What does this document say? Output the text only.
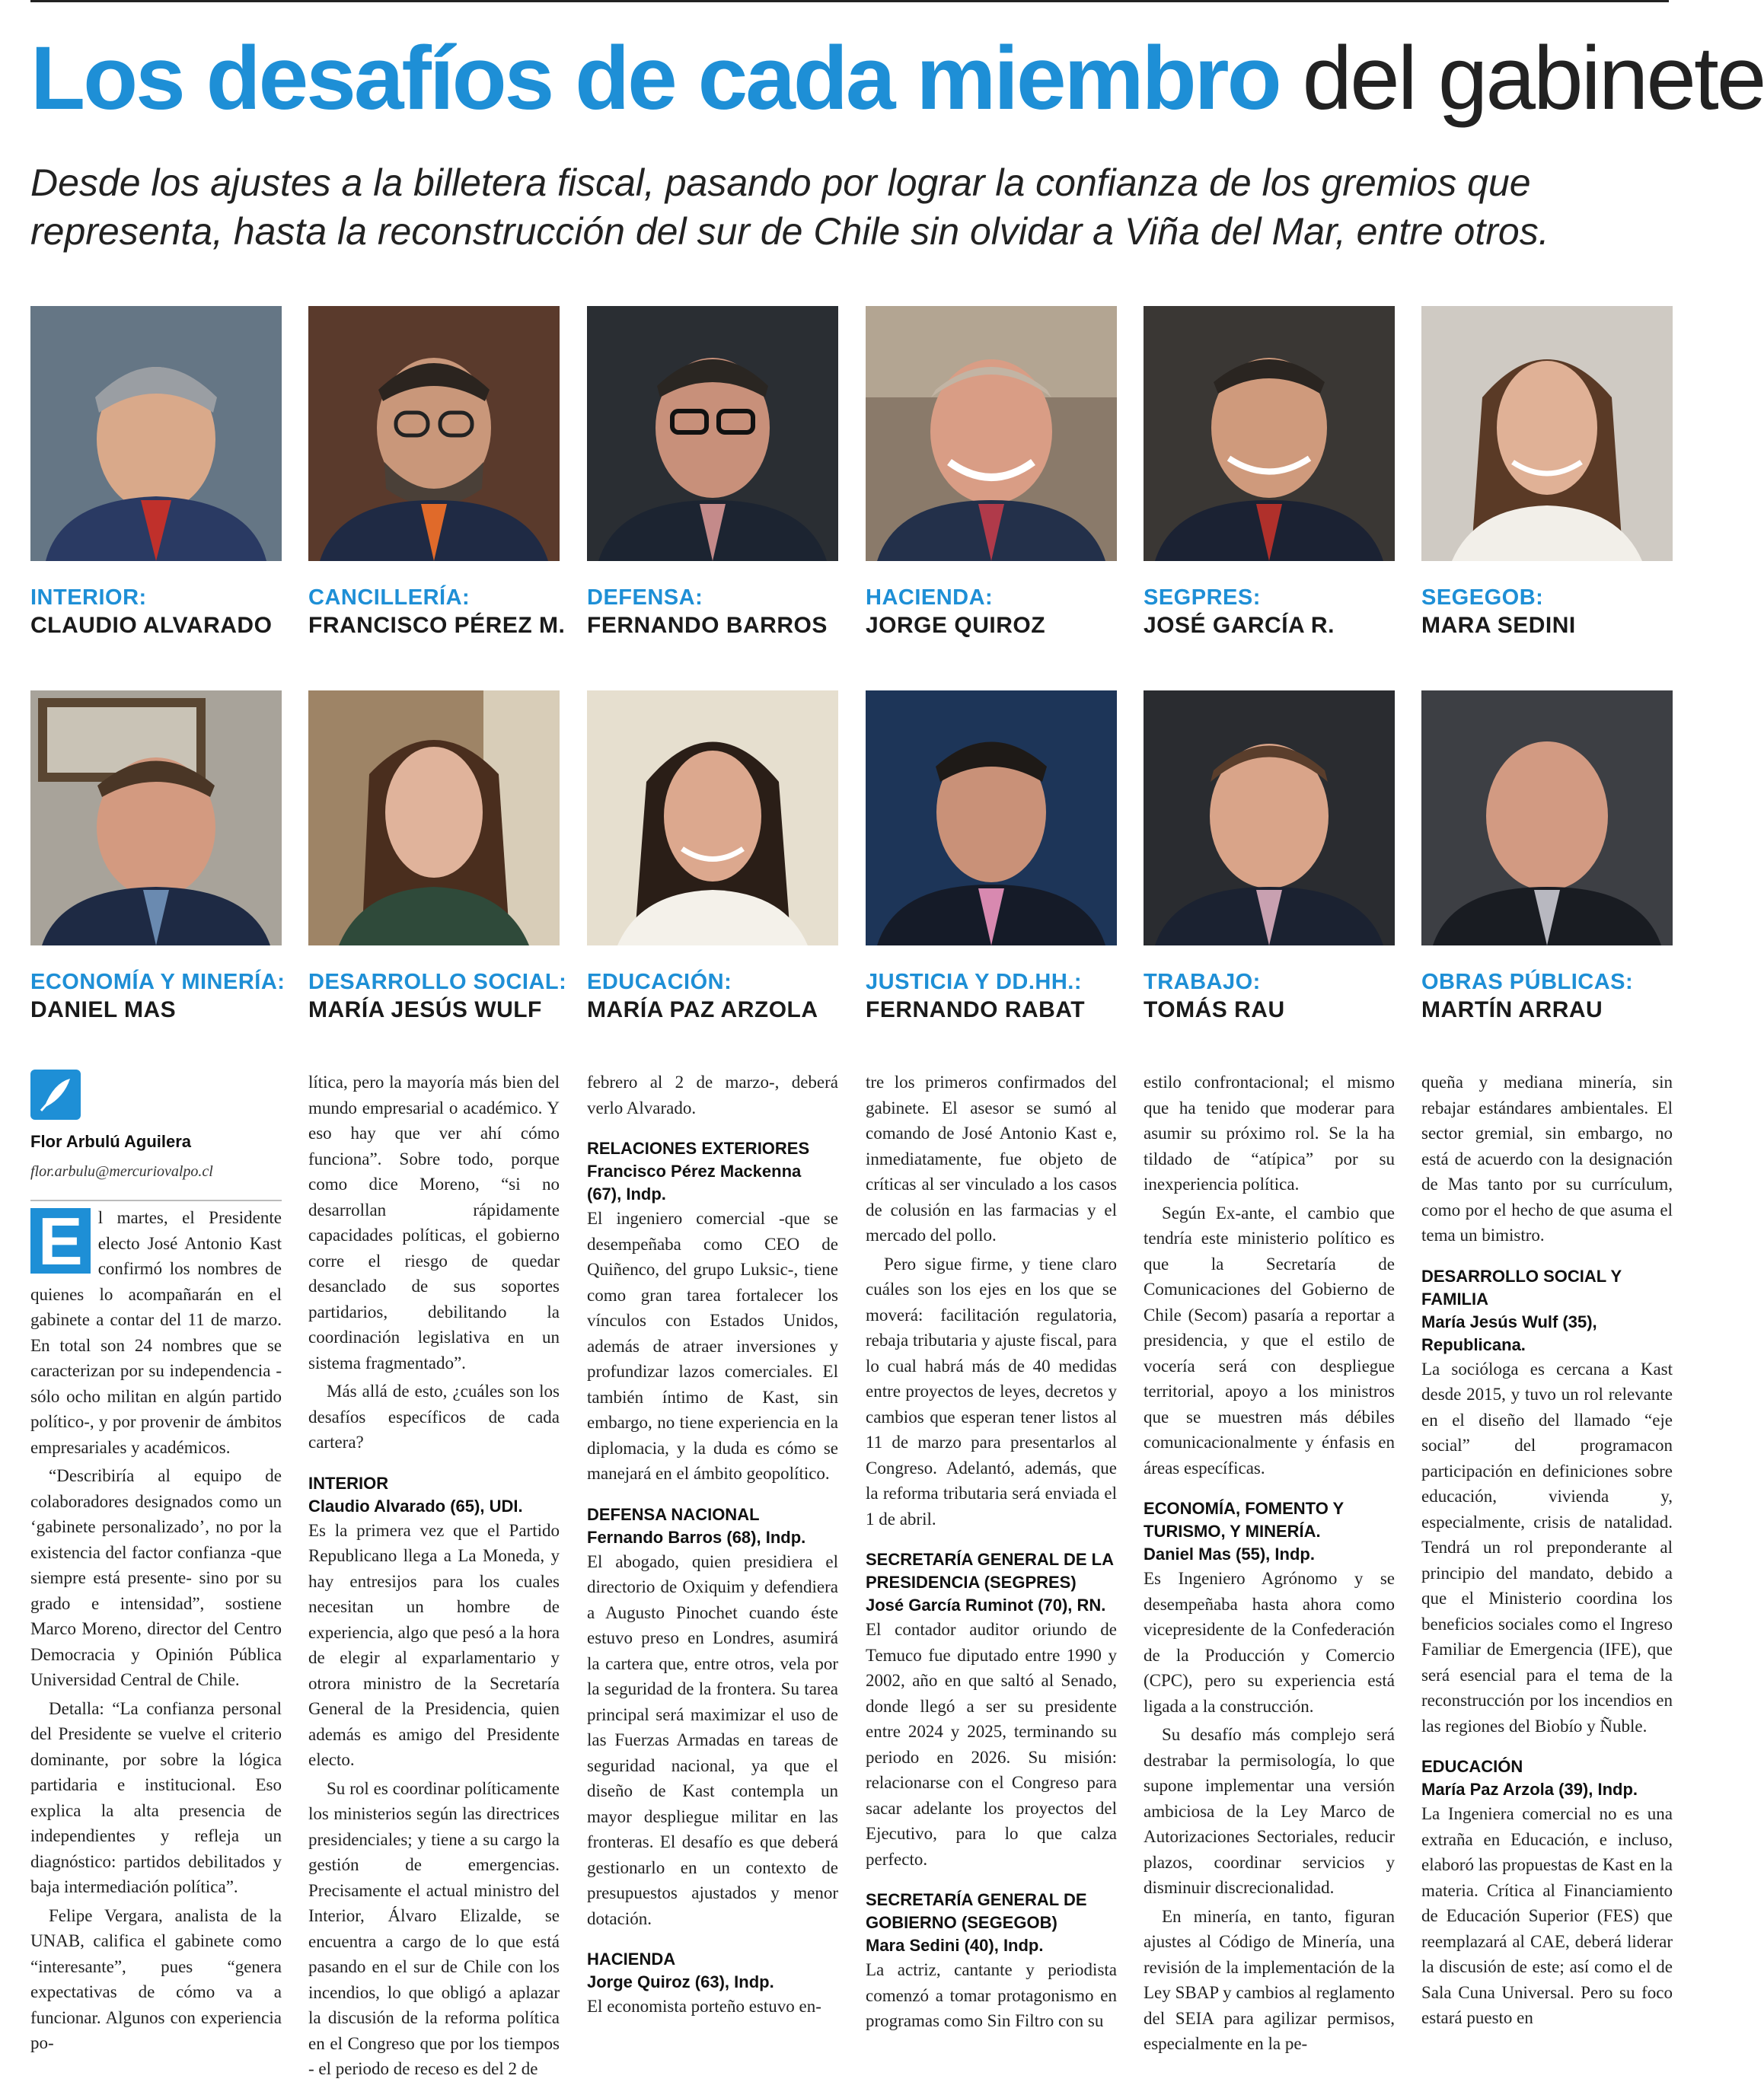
Los desafíos de cada miembro del gabinete
Desde los ajustes a la billetera fiscal, pasando por lograr la confianza de los gremios que representa, hasta la reconstrucción del sur de Chile sin olvidar a Viña del Mar, entre otros.
INTERIOR:
CLAUDIO ALVARADO
CANCILLERÍA:
FRANCISCO PÉREZ M.
DEFENSA:
FERNANDO BARROS
HACIENDA:
JORGE QUIROZ
SEGPRES:
JOSÉ GARCÍA R.
SEGEGOB:
MARA SEDINI
ECONOMÍA Y MINERÍA:
DANIEL MAS
DESARROLLO SOCIAL:
MARÍA JESÚS WULF
EDUCACIÓN:
MARÍA PAZ ARZOLA
JUSTICIA Y DD.HH.:
FERNANDO RABAT
TRABAJO:
TOMÁS RAU
OBRAS PÚBLICAS:
MARTÍN ARRAU
Flor Arbulú Aguilera
flor.arbulu@mercuriovalpo.cl

E l martes, el Presidente electo José Antonio Kast confirmó los nombres de quienes lo acompañarán en el gabinete a contar del 11 de marzo. En total son 24 nombres que se caracterizan por su independencia -sólo ocho militan en algún partido político-, y por provenir de ámbitos empresariales y académicos.

“Describiría al equipo de colaboradores designados como un ‘gabinete personalizado’, no por la existencia del factor confianza -que siempre está presente- sino por su grado e intensidad”, sostiene Marco Moreno, director del Centro Democracia y Opinión Pública Universidad Central de Chile.

Detalla: “La confianza personal del Presidente se vuelve el criterio dominante, por sobre la lógica partidaria e institucional. Eso explica la alta presencia de independientes y refleja un diagnóstico: partidos debilitados y baja intermediación política”.

Felipe Vergara, analista de la UNAB, califica el gabinete como “interesante”, pues “genera expectativas de cómo va a funcionar. Algunos con experiencia po-

lítica, pero la mayoría más bien del mundo empresarial o académico. Y eso hay que ver ahí cómo funciona”. Sobre todo, porque como dice Moreno, “si no desarrollan rápidamente capacidades políticas, el gobierno corre el riesgo de quedar desanclado de sus soportes partidarios, debilitando la coordinación legislativa en un sistema fragmentado”.

Más allá de esto, ¿cuáles son los desafíos específicos de cada cartera?

INTERIOR
Claudio Alvarado (65), UDI.

Es la primera vez que el Partido Republicano llega a La Moneda, y hay entresijos para los cuales necesitan un hombre de experiencia, algo que pesó a la hora de elegir al exparlamentario y otrora ministro de la Secretaría General de la Presidencia, quien además es amigo del Presidente electo.

Su rol es coordinar políticamente los ministerios según las directrices presidenciales; y tiene a su cargo la gestión de emergencias. Precisamente el actual ministro del Interior, Álvaro Elizalde, se encuentra a cargo de lo que está pasando en el sur de Chile con los incendios, lo que obligó a aplazar la discusión de la reforma política en el Congreso que por los tiempos - el periodo de receso es del 2 de

febrero al 2 de marzo-, deberá verlo Alvarado.

RELACIONES EXTERIORES
Francisco Pérez Mackenna (67), Indp.

El ingeniero comercial -que se desempeñaba como CEO de Quiñenco, del grupo Luksic-, tiene como gran tarea fortalecer los vínculos con Estados Unidos, además de atraer inversiones y profundizar lazos comerciales. El también íntimo de Kast, sin embargo, no tiene experiencia en la diplomacia, y la duda es cómo se manejará en el ámbito geopolítico.

DEFENSA NACIONAL
Fernando Barros (68), Indp.

El abogado, quien presidiera el directorio de Oxiquim y defendiera a Augusto Pinochet cuando éste estuvo preso en Londres, asumirá la cartera que, entre otros, vela por la seguridad de la frontera. Su tarea principal será maximizar el uso de las Fuerzas Armadas en tareas de seguridad nacional, ya que el diseño de Kast contempla un mayor despliegue militar en las fronteras. El desafío es que deberá gestionarlo en un contexto de presupuestos ajustados y menor dotación.

HACIENDA
Jorge Quiroz (63), Indp.

El economista porteño estuvo en-

tre los primeros confirmados del gabinete. El asesor se sumó al comando de José Antonio Kast e, inmediatamente, fue objeto de críticas al ser vinculado a los casos de colusión en las farmacias y el mercado del pollo.

Pero sigue firme, y tiene claro cuáles son los ejes en los que se moverá: facilitación regulatoria, rebaja tributaria y ajuste fiscal, para lo cual habrá más de 40 medidas entre proyectos de leyes, decretos y cambios que esperan tener listos al 11 de marzo para presentarlos al Congreso. Adelantó, además, que la reforma tributaria será enviada el 1 de abril.

SECRETARÍA GENERAL DE LA PRESIDENCIA (SEGPRES)
José García Ruminot (70), RN.

El contador auditor oriundo de Temuco fue diputado entre 1990 y 2002, año en que saltó al Senado, donde llegó a ser su presidente entre 2024 y 2025, terminando su periodo en 2026. Su misión: relacionarse con el Congreso para sacar adelante los proyectos del Ejecutivo, para lo que calza perfecto.

SECRETARÍA GENERAL DE GOBIERNO (SEGEGOB)
Mara Sedini (40), Indp.

La actriz, cantante y periodista comenzó a tomar protagonismo en programas como Sin Filtro con su

estilo confrontacional; el mismo que ha tenido que moderar para asumir su próximo rol. Se la ha tildado de “atípica” por su inexperiencia política.

Según Ex-ante, el cambio que tendría este ministerio político es que la Secretaría de Comunicaciones del Gobierno de Chile (Secom) pasaría a reportar a presidencia, y que el estilo de vocería será con despliegue territorial, apoyo a los ministros que se muestren más débiles comunicacionalmente y énfasis en áreas específicas.

ECONOMÍA, FOMENTO Y TURISMO, Y MINERÍA.
Daniel Mas (55), Indp.

Es Ingeniero Agrónomo y se desempeñaba hasta ahora como vicepresidente de la Confederación de la Producción y Comercio (CPC), pero su experiencia está ligada a la construcción.

Su desafío más complejo será destrabar la permisología, lo que supone implementar una versión ambiciosa de la Ley Marco de Autorizaciones Sectoriales, reducir plazos, coordinar servicios y disminuir discrecionalidad.

En minería, en tanto, figuran ajustes al Código de Minería, una revisión de la implementación de la Ley SBAP y cambios al reglamento del SEIA para agilizar permisos, especialmente en la pe-

queña y mediana minería, sin rebajar estándares ambientales. El sector gremial, sin embargo, no está de acuerdo con la designación de Mas tanto por su currículum, como por el hecho de que asuma el tema un bimistro.

DESARROLLO SOCIAL Y FAMILIA
María Jesús Wulf (35), Republicana.

La socióloga es cercana a Kast desde 2015, y tuvo un rol relevante en el diseño del llamado “eje social” del programacon participación en definiciones sobre educación, vivienda y, especialmente, crisis de natalidad. Tendrá un rol preponderante al principio del mandato, debido a que el Ministerio coordina los beneficios sociales como el Ingreso Familiar de Emergencia (IFE), que será esencial para el tema de la reconstrucción por los incendios en las regiones del Biobío y Ñuble.

EDUCACIÓN
María Paz Arzola (39), Indp.

La Ingeniera comercial no es una extraña en Educación, e incluso, elaboró las propuestas de Kast en la materia. Crítica al Financiamiento de Educación Superior (FES) que reemplazará al CAE, deberá liderar la discusión de este; así como el de Sala Cuna Universal. Pero su foco estará puesto en
